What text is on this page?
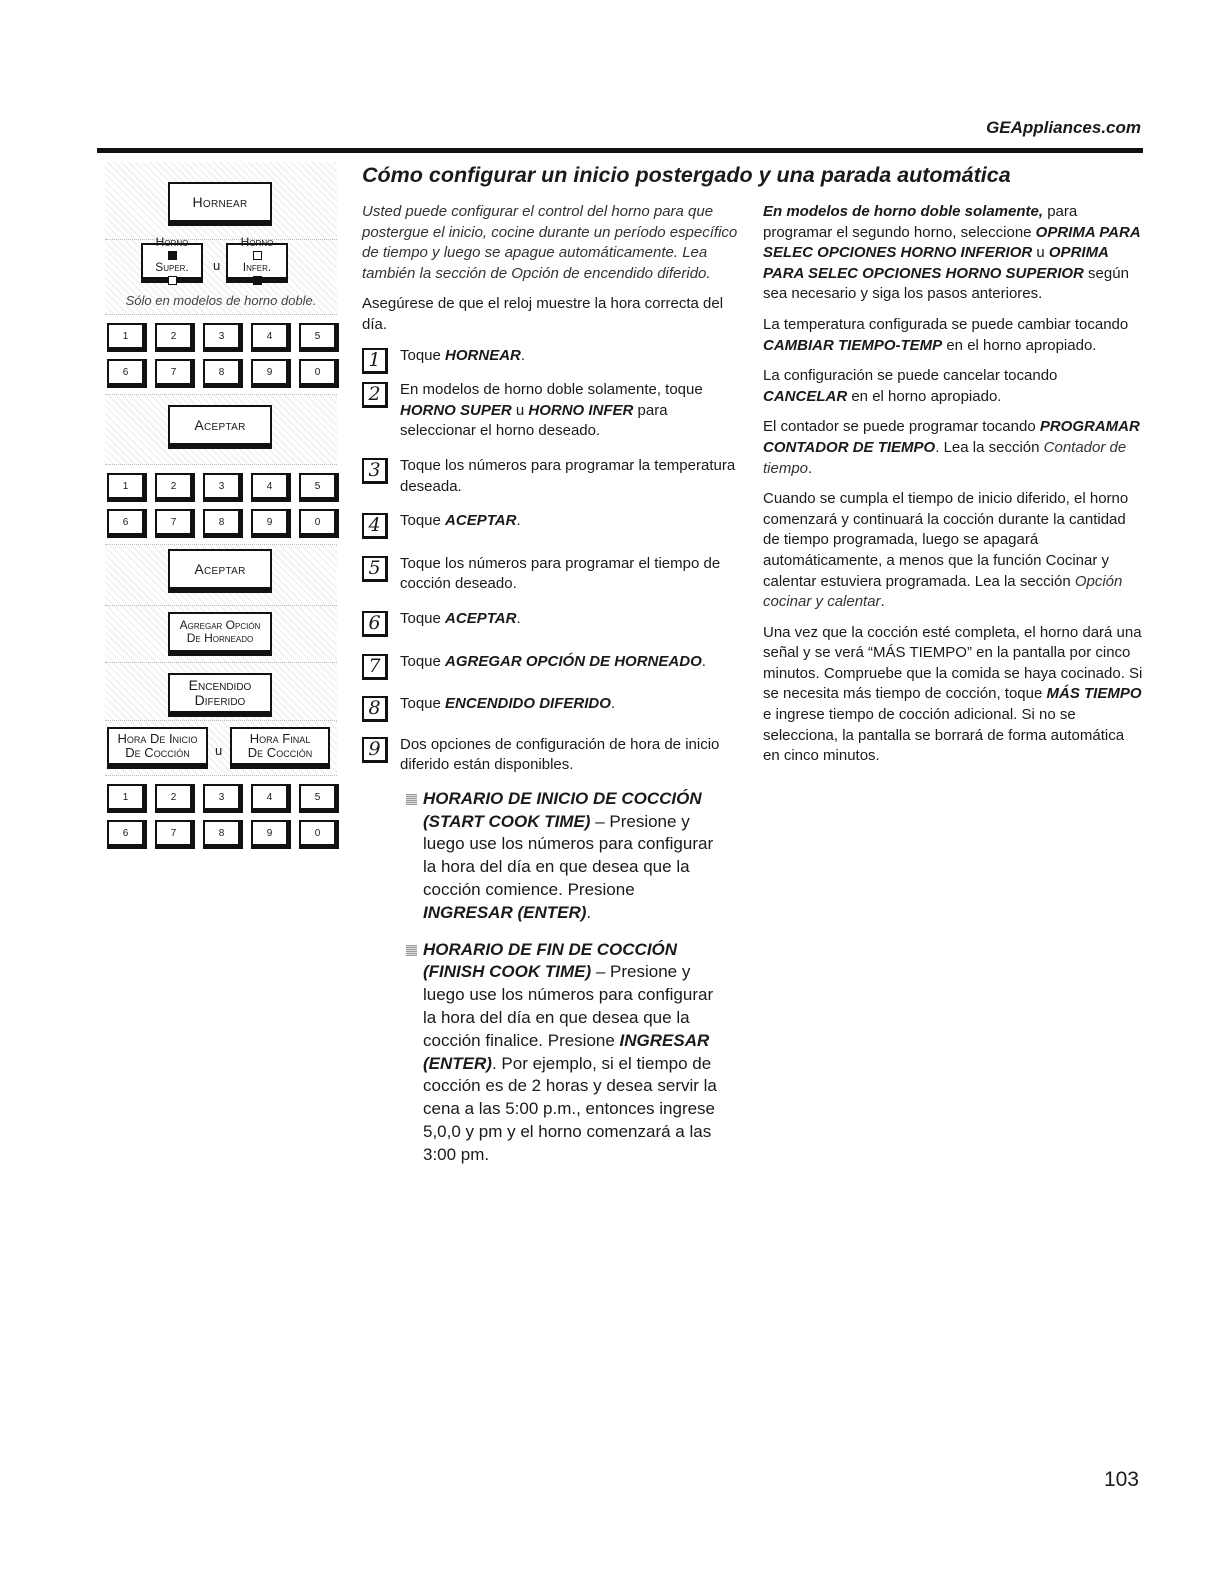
GEAppliances.com
Hornear
Horno
Super. u
Horno
Infer.
Sólo en modelos de horno doble.
1	2	3	4	5
6	7	8	9	0
Aceptar
1	2	3	4	5
6	7	8	9	0
Aceptar
Agregar Opción
De Horneado
Encendido
Diferido
Hora De Inicio
De Cocción u
Hora Final
De Cocción
1	2	3	4	5
6	7	8	9	0
Cómo configurar un inicio postergado y una parada automática

Usted puede configurar el control del horno para que postergue el inicio, cocine durante un período específico de tiempo y luego se apague automáticamente. Lea también la sección de Opción de encendido diferido.

Asegúrese de que el reloj muestre la hora correcta del día.

1	Toque HORNEAR.
2	En modelos de horno doble solamente, toque HORNO SUPER u HORNO INFER para seleccionar el horno deseado.
3	Toque los números para programar la temperatura deseada.
4	Toque ACEPTAR.
5	Toque los números para programar el tiempo de cocción deseado.
6	Toque ACEPTAR.
7	Toque AGREGAR OPCIÓN DE HORNEADO.
8	Toque ENCENDIDO DIFERIDO.
9	Dos opciones de configuración de hora de inicio diferido están disponibles.
HORARIO DE INICIO DE COCCIÓN (START COOK TIME) – Presione y luego use los números para configurar la hora del día en que desea que la cocción comience. Presione INGRESAR (ENTER).
HORARIO DE FIN DE COCCIÓN (FINISH COOK TIME) – Presione y luego use los números para configurar la hora del día en que desea que la cocción finalice. Presione INGRESAR (ENTER). Por ejemplo, si el tiempo de cocción es de 2 horas y desea servir la cena a las 5:00 p.m., entonces ingrese 5,0,0 y pm y el horno comenzará a las 3:00 pm.

En modelos de horno doble solamente, para programar el segundo horno, seleccione OPRIMA PARA SELEC OPCIONES HORNO INFERIOR u OPRIMA PARA SELEC OPCIONES HORNO SUPERIOR según sea necesario y siga los pasos anteriores.

La temperatura configurada se puede cambiar tocando CAMBIAR TIEMPO-TEMP en el horno apropiado.

La configuración se puede cancelar tocando CANCELAR en el horno apropiado.

El contador se puede programar tocando PROGRAMAR CONTADOR DE TIEMPO. Lea la sección Contador de tiempo.

Cuando se cumpla el tiempo de inicio diferido, el horno comenzará y continuará la cocción durante la cantidad de tiempo programada, luego se apagará automáticamente, a menos que la función Cocinar y calentar estuviera programada. Lea la sección Opción cocinar y calentar.

Una vez que la cocción esté completa, el horno dará una señal y se verá “MÁS TIEMPO” en la pantalla por cinco minutos. Compruebe que la comida se haya cocinado. Si se necesita más tiempo de cocción, toque MÁS TIEMPO e ingrese tiempo de cocción adicional. Si no se selecciona, la pantalla se borrará de forma automática en cinco minutos.

103
